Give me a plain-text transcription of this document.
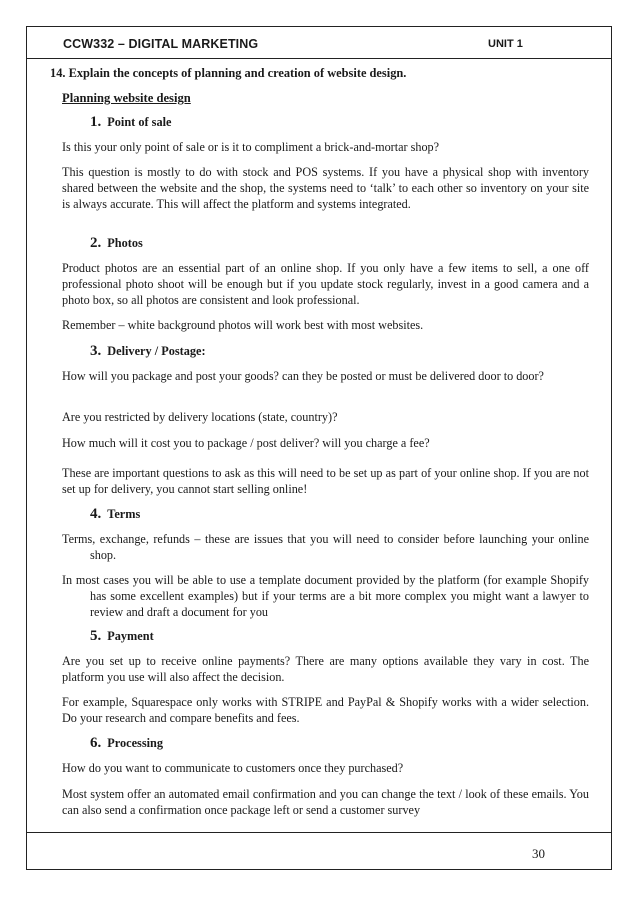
CCW332 – DIGITAL MARKETING	UNIT 1
14. Explain the concepts of planning and creation of website design.
Planning website design
1. Point of sale
Is this your only point of sale or is it to compliment a brick-and-mortar shop?
This question is mostly to do with stock and POS systems. If you have a physical shop with inventory shared between the website and the shop, the systems need to ‘talk’ to each other so inventory on your site is always accurate. This will affect the platform and systems integrated.
2. Photos
Product photos are an essential part of an online shop. If you only have a few items to sell, a one off professional photo shoot will be enough but if you update stock regularly, invest in a good camera and a photo box, so all photos are consistent and look professional.
Remember – white background photos will work best with most websites.
3. Delivery / Postage:
How will you package and post your goods? can they be posted or must be delivered door to door?
Are you restricted by delivery locations (state, country)?
How much will it cost you to package / post deliver? will you charge a fee?
These are important questions to ask as this will need to be set up as part of your online shop. If you are not set up for delivery, you cannot start selling online!
4. Terms
Terms, exchange, refunds – these are issues that you will need to consider before launching your online shop.
In most cases you will be able to use a template document provided by the platform (for example Shopify has some excellent examples) but if your terms are a bit more complex you might want a lawyer to review and draft a document for you
5. Payment
Are you set up to receive online payments? There are many options available they vary in cost. The platform you use will also affect the decision.
For example, Squarespace only works with STRIPE and PayPal & Shopify works with a wider selection. Do your research and compare benefits and fees.
6. Processing
How do you want to communicate to customers once they purchased?
Most system offer an automated email confirmation and you can change the text / look of these emails. You can also send a confirmation once package left or send a customer survey
30
